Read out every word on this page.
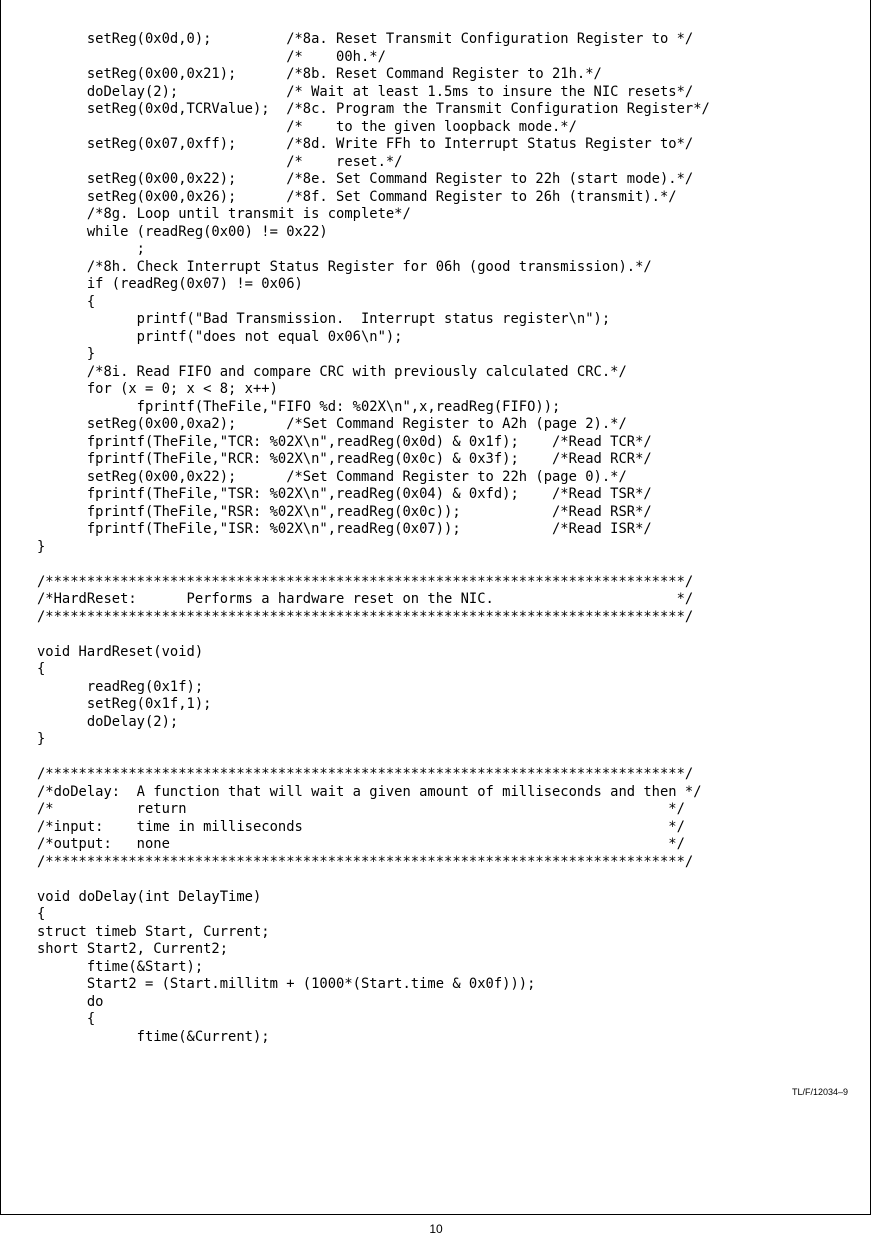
setReg(0x0d,0);         /*8a. Reset Transmit Configuration Register to */
/*    00h.*/
setReg(0x00,0x21);      /*8b. Reset Command Register to 21h.*/
doDelay(2);             /* Wait at least 1.5ms to insure the NIC resets*/
setReg(0x0d,TCRValue);  /*8c. Program the Transmit Configuration Register*/
/*    to the given loopback mode.*/
setReg(0x07,0xff);      /*8d. Write FFh to Interrupt Status Register to*/
/*    reset.*/
setReg(0x00,0x22);      /*8e. Set Command Register to 22h (start mode).*/
setReg(0x00,0x26);      /*8f. Set Command Register to 26h (transmit).*/
/*8g. Loop until transmit is complete*/
while (readReg(0x00) != 0x22)
;
/*8h. Check Interrupt Status Register for 06h (good transmission).*/
if (readReg(0x07) != 0x06)
{
printf("Bad Transmission.  Interrupt status register\n");
printf("does not equal 0x06\n");
}
/*8i. Read FIFO and compare CRC with previously calculated CRC.*/
for (x = 0; x < 8; x++)
fprintf(TheFile,"FIFO %d: %02X\n",x,readReg(FIFO));
setReg(0x00,0xa2);      /*Set Command Register to A2h (page 2).*/
fprintf(TheFile,"TCR: %02X\n",readReg(0x0d) & 0x1f);    /*Read TCR*/
fprintf(TheFile,"RCR: %02X\n",readReg(0x0c) & 0x3f);    /*Read RCR*/
setReg(0x00,0x22);      /*Set Command Register to 22h (page 0).*/
fprintf(TheFile,"TSR: %02X\n",readReg(0x04) & 0xfd);    /*Read TSR*/
fprintf(TheFile,"RSR: %02X\n",readReg(0x0c));           /*Read RSR*/
fprintf(TheFile,"ISR: %02X\n",readReg(0x07));           /*Read ISR*/
}
/*****************************************************************************/
/*HardReset:      Performs a hardware reset on the NIC.                      */
/*****************************************************************************/
void HardReset(void)
{
readReg(0x1f);
setReg(0x1f,1);
doDelay(2);
}
/*****************************************************************************/
/*doDelay:  A function that will wait a given amount of milliseconds and then */
/*          return                                                          */
/*input:    time in milliseconds                                            */
/*output:   none                                                            */
/*****************************************************************************/
void doDelay(int DelayTime)
{
struct timeb Start, Current;
short Start2, Current2;
ftime(&Start);
Start2 = (Start.millitm + (1000*(Start.time & 0x0f)));
do
{
ftime(&Current);
TL/F/12034–9
10
